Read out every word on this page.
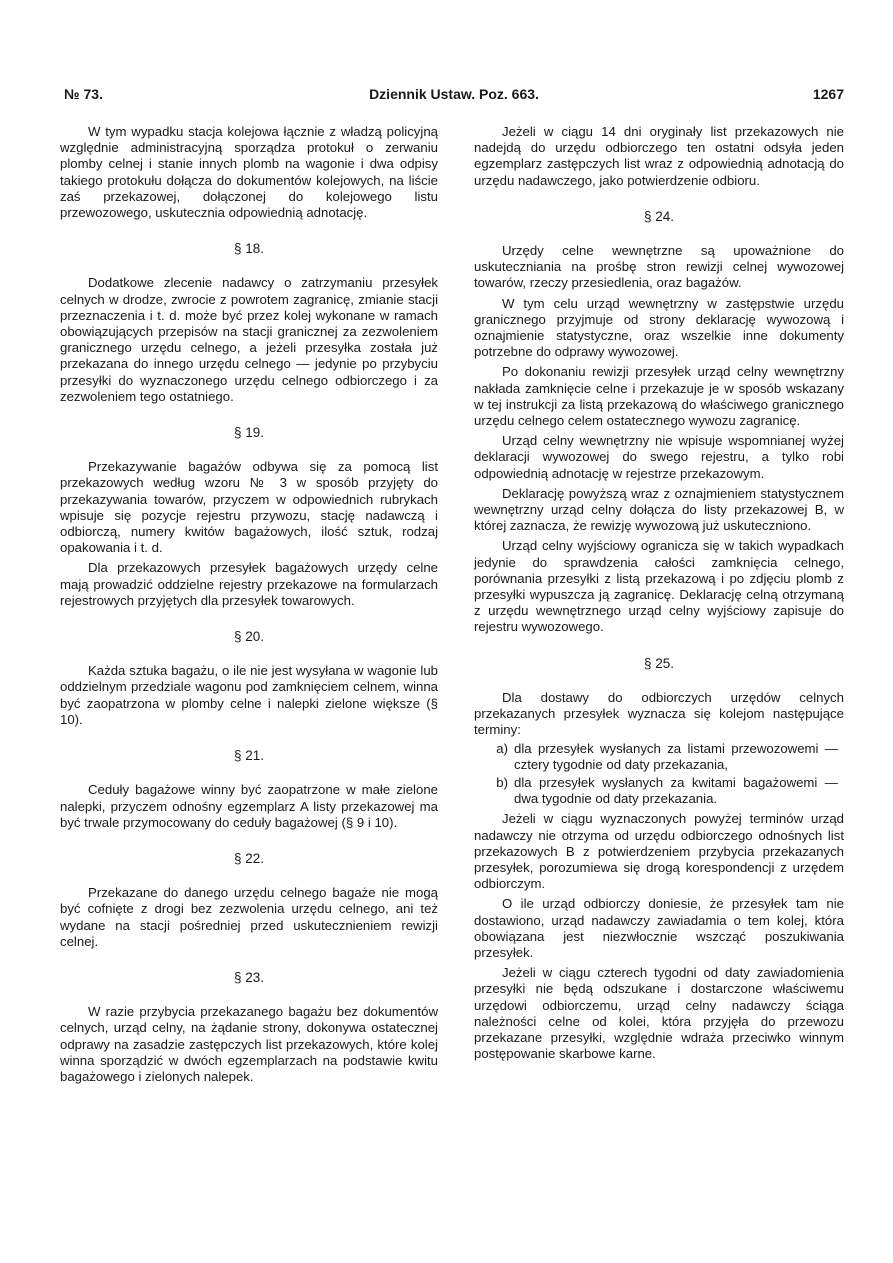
№ 73.	Dziennik Ustaw. Poz. 663.	1267

W tym wypadku stacja kolejowa łącznie z władzą policyjną względnie administracyjną sporządza protokuł o zerwaniu plomby celnej i stanie innych plomb na wagonie i dwa odpisy takiego protokułu dołącza do dokumentów kolejowych, na liście zaś przekazowej, dołączonej do kolejowego listu przewozowego, uskutecznia odpowiednią adnotację.

§ 18.

Dodatkowe zlecenie nadawcy o zatrzymaniu przesyłek celnych w drodze, zwrocie z powrotem zagranicę, zmianie stacji przeznaczenia i t. d. może być przez kolej wykonane w ramach obowiązujących przepisów na stacji granicznej za zezwoleniem granicznego urzędu celnego, a jeżeli przesyłka została już przekazana do innego urzędu celnego — jedynie po przybyciu przesyłki do wyznaczonego urzędu celnego odbiorczego i za zezwoleniem tego ostatniego.

§ 19.

Przekazywanie bagażów odbywa się za pomocą list przekazowych według wzoru № 3 w sposób przyjęty do przekazywania towarów, przyczem w odpowiednich rubrykach wpisuje się pozycje rejestru przywozu, stację nadawczą i odbiorczą, numery kwitów bagażowych, ilość sztuk, rodzaj opakowania i t. d.

Dla przekazowych przesyłek bagażowych urzędy celne mają prowadzić oddzielne rejestry przekazowe na formularzach rejestrowych przyjętych dla przesyłek towarowych.

§ 20.

Każda sztuka bagażu, o ile nie jest wysyłana w wagonie lub oddzielnym przedziale wagonu pod zamknięciem celnem, winna być zaopatrzona w plomby celne i nalepki zielone większe (§ 10).

§ 21.

Ceduły bagażowe winny być zaopatrzone w małe zielone nalepki, przyczem odnośny egzemplarz A listy przekazowej ma być trwale przymocowany do ceduły bagażowej (§ 9 i 10).

§ 22.

Przekazane do danego urzędu celnego bagaże nie mogą być cofnięte z drogi bez zezwolenia urzędu celnego, ani też wydane na stacji pośredniej przed uskutecznieniem rewizji celnej.

§ 23.

W razie przybycia przekazanego bagażu bez dokumentów celnych, urząd celny, na żądanie strony, dokonywa ostatecznej odprawy na zasadzie zastępczych list przekazowych, które kolej winna sporządzić w dwóch egzemplarzach na podstawie kwitu bagażowego i zielonych nalepek.

Jeżeli w ciągu 14 dni oryginały list przekazowych nie nadejdą do urzędu odbiorczego ten ostatni odsyła jeden egzemplarz zastępczych list wraz z odpowiednią adnotacją do urzędu nadawczego, jako potwierdzenie odbioru.

§ 24.

Urzędy celne wewnętrzne są upoważnione do uskuteczniania na prośbę stron rewizji celnej wywozowej towarów, rzeczy przesiedlenia, oraz bagażów.

W tym celu urząd wewnętrzny w zastępstwie urzędu granicznego przyjmuje od strony deklarację wywozową i oznajmienie statystyczne, oraz wszelkie inne dokumenty potrzebne do odprawy wywozowej.

Po dokonaniu rewizji przesyłek urząd celny wewnętrzny nakłada zamknięcie celne i przekazuje je w sposób wskazany w tej instrukcji za listą przekazową do właściwego granicznego urzędu celnego celem ostatecznego wywozu zagranicę.

Urząd celny wewnętrzny nie wpisuje wspomnianej wyżej deklaracji wywozowej do swego rejestru, a tylko robi odpowiednią adnotację w rejestrze przekazowym.

Deklarację powyższą wraz z oznajmieniem statystycznem wewnętrzny urząd celny dołącza do listy przekazowej B, w której zaznacza, że rewizję wywozową już uskuteczniono.

Urząd celny wyjściowy ogranicza się w takich wypadkach jedynie do sprawdzenia całości zamknięcia celnego, porównania przesyłki z listą przekazową i po zdjęciu plomb z przesyłki wypuszcza ją zagranicę. Deklarację celną otrzymaną z urzędu wewnętrznego urząd celny wyjściowy zapisuje do rejestru wywozowego.

§ 25.

Dla dostawy do odbiorczych urzędów celnych przekazanych przesyłek wyznacza się kolejom następujące terminy:

a) dla przesyłek wysłanych za listami przewozowemi — cztery tygodnie od daty przekazania,
b) dla przesyłek wysłanych za kwitami bagażowemi — dwa tygodnie od daty przekazania.

Jeżeli w ciągu wyznaczonych powyżej terminów urząd nadawczy nie otrzyma od urzędu odbiorczego odnośnych list przekazowych B z potwierdzeniem przybycia przekazanych przesyłek, porozumiewa się drogą korespondencji z urzędem odbiorczym.

O ile urząd odbiorczy doniesie, że przesyłek tam nie dostawiono, urząd nadawczy zawiadamia o tem kolej, która obowiązana jest niezwłocznie wszcząć poszukiwania przesyłek.

Jeżeli w ciągu czterech tygodni od daty zawiadomienia przesyłki nie będą odszukane i dostarczone właściwemu urzędowi odbiorczemu, urząd celny nadawczy ściąga należności celne od kolei, która przyjęła do przewozu przekazane przesyłki, względnie wdraża przeciwko winnym postępowanie skarbowe karne.
